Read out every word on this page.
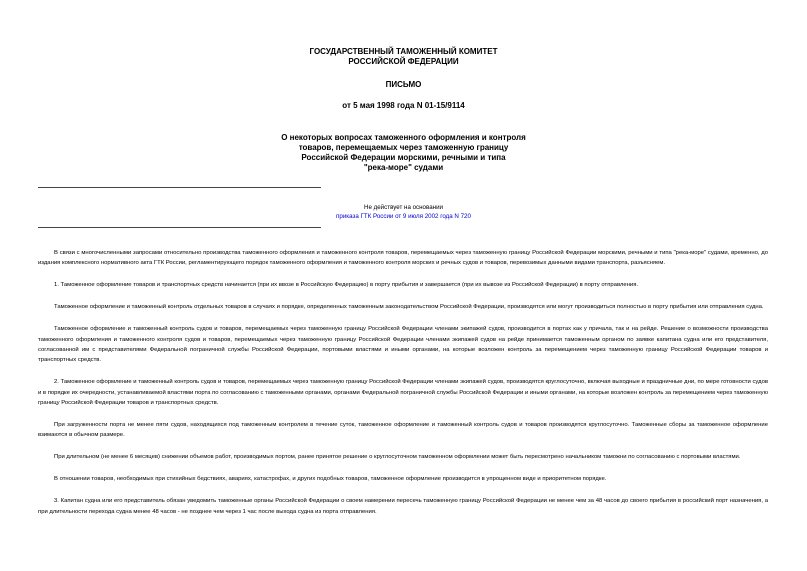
ГОСУДАРСТВЕННЫЙ ТАМОЖЕННЫЙ КОМИТЕТ
РОССИЙСКОЙ ФЕДЕРАЦИИ
ПИСЬМО
от 5 мая 1998 года N 01-15/9114
О некоторых вопросах таможенного оформления и контроля
товаров, перемещаемых через таможенную границу
Российской Федерации морскими, речными и типа
"река-море" судами
Не действует на основании
приказа ГТК России от 9 июля 2002 года N 720

В связи с многочисленными запросами относительно производства таможенного оформления и таможенного контроля товаров, перемещаемых через таможенную границу Российской Федерации морскими, речными и типа "река-море" судами, временно, до издания комплексного нормативного акта ГТК России, регламентирующего порядок таможенного оформления и таможенного контроля морских и речных судов и товаров, перевозимых данными видами транспорта, разъясняем.

1. Таможенное оформление товаров и транспортных средств начинается (при их ввозе в Российскую Федерацию) в порту прибытия и завершается (при их вывозе из Российской Федерации) в порту отправления.

Таможенное оформление и таможенный контроль отдельных товаров в случаях и порядке, определенных таможенным законодательством Российской Федерации, производятся или могут производиться полностью в порту прибытия или отправления судна.

Таможенное оформление и таможенный контроль судов и товаров, перемещаемых через таможенную границу Российской Федерации членами экипажей судов, производится в портах как у причала, так и на рейде. Решение о возможности производства таможенного оформления и таможенного контроля судов и товаров, перемещаемых через таможенную границу Российской Федерации членами экипажей судов на рейде принимается таможенным органом по заявке капитана судна или его представителя, согласованной им с представителями Федеральной пограничной службы Российской Федерации, портовыми властями и иными органами, на которые возложен контроль за перемещением через таможенную границу Российской Федерации товаров и транспортных средств.

2. Таможенное оформление и таможенный контроль судов и товаров, перемещаемых через таможенную границу Российской Федерации членами экипажей судов, производятся круглосуточно, включая выходные и праздничные дни, по мере готовности судов и в порядке их очередности, устанавливаемой властями порта по согласованию с таможенными органами, органами Федеральной пограничной службы Российской Федерации и иными органами, на которые возложен контроль за перемещением через таможенную границу Российской Федерации товаров и транспортных средств.

При загруженности порта не менее пяти судов, находящихся под таможенным контролем в течение суток, таможенное оформление и таможенный контроль судов и товаров производятся круглосуточно. Таможенные сборы за таможенное оформление взимаются в обычном размере.

При длительном (не менее 6 месяцев) снижении объемов работ, производимых портом, ранее принятое решение о круглосуточном таможенном оформлении может быть пересмотрено начальником таможни по согласованию с портовыми властями.

В отношении товаров, необходимых при стихийных бедствиях, авариях, катастрофах, и других подобных товаров, таможенное оформление производится в упрощенном виде и приоритетном порядке.

3. Капитан судна или его представитель обязан уведомить таможенные органы Российской Федерации о своем намерении пересечь таможенную границу Российской Федерации не менее чем за 48 часов до своего прибытия в российский порт назначения, а при длительности перехода судна менее 48 часов - не позднее чем через 1 час после выхода судна из порта отправления.
